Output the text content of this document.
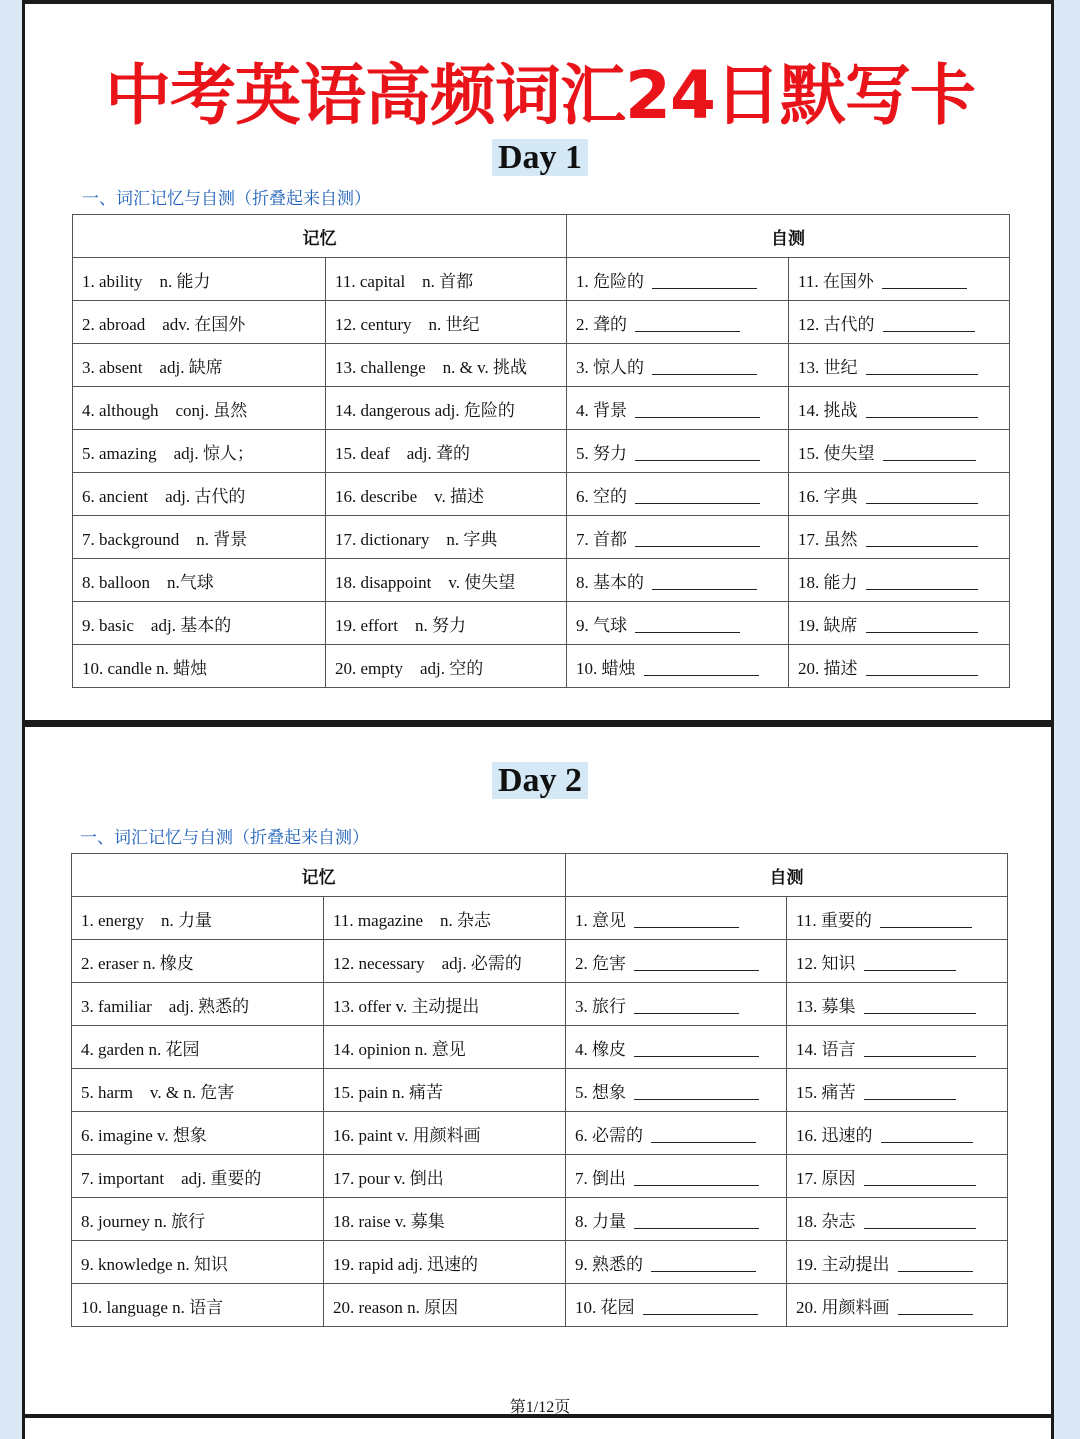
中考英语高频词汇24日默写卡
Day 1
一、词汇记忆与自测（折叠起来自测）
记忆		自测	
1. ability　n. 能力	11. capital　n. 首都	1. 危险的	11. 在国外
2. abroad　adv. 在国外	12. century　n. 世纪	2. 聋的	12. 古代的
3. absent　adj. 缺席	13. challenge　n. & v. 挑战	3. 惊人的	13. 世纪
4. although　conj. 虽然	14. dangerous adj. 危险的	4. 背景	14. 挑战
5. amazing　adj. 惊人；	15. deaf　adj. 聋的	5. 努力	15. 使失望
6. ancient　adj. 古代的	16. describe　v. 描述	6. 空的	16. 字典
7. background　n. 背景	17. dictionary　n. 字典	7. 首都	17. 虽然
8. balloon　n.气球	18. disappoint　v. 使失望	8. 基本的	18. 能力
9. basic　adj. 基本的	19. effort　n. 努力	9. 气球	19. 缺席
10. candle n. 蜡烛	20. empty　adj. 空的	10. 蜡烛	20. 描述
Day 2
一、词汇记忆与自测（折叠起来自测）
记忆		自测	
1. energy　n. 力量	11. magazine　n. 杂志	1. 意见	11. 重要的
2. eraser n. 橡皮	12. necessary　adj. 必需的	2. 危害	12. 知识
3. familiar　adj. 熟悉的	13. offer v. 主动提出	3. 旅行	13. 募集
4. garden n. 花园	14. opinion n. 意见	4. 橡皮	14. 语言
5. harm　v. & n. 危害	15. pain n. 痛苦	5. 想象	15. 痛苦
6. imagine v. 想象	16. paint v. 用颜料画	6. 必需的	16. 迅速的
7. important　adj. 重要的	17. pour v. 倒出	7. 倒出	17. 原因
8. journey n. 旅行	18. raise v. 募集	8. 力量	18. 杂志
9. knowledge n. 知识	19. rapid adj. 迅速的	9. 熟悉的	19. 主动提出
10. language n. 语言	20. reason n. 原因	10. 花园	20. 用颜料画
第1/12页
